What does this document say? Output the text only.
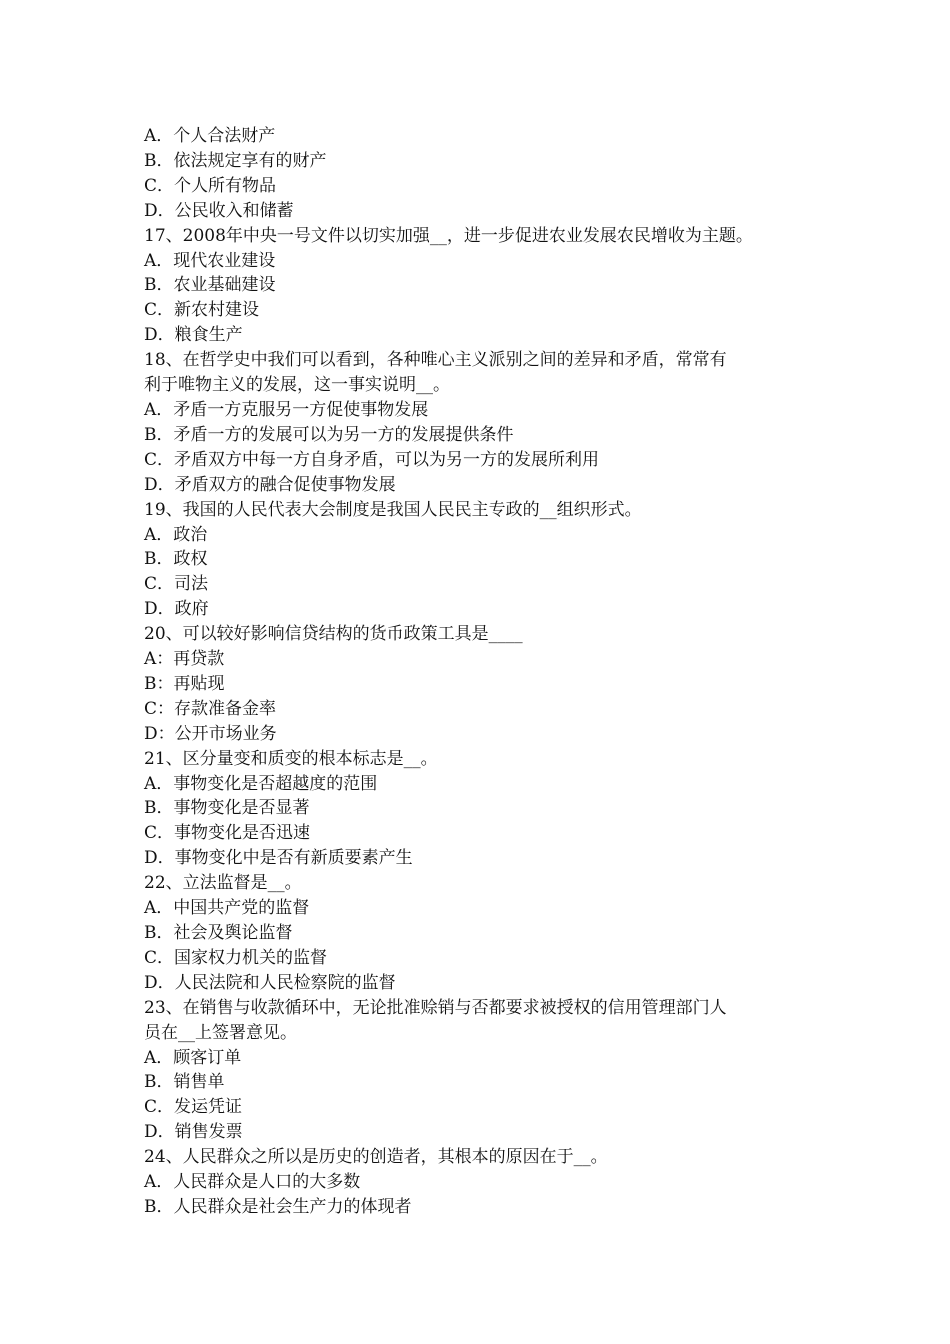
A．个人合法财产

B．依法规定享有的财产

C．个人所有物品

D．公民收入和储蓄

17、2008年中央一号文件以切实加强__，进一步促进农业发展农民增收为主题。

A．现代农业建设

B．农业基础建设

C．新农村建设

D．粮食生产

18、在哲学史中我们可以看到，各种唯心主义派别之间的差异和矛盾，常常有

利于唯物主义的发展，这一事实说明__。

A．矛盾一方克服另一方促使事物发展

B．矛盾一方的发展可以为另一方的发展提供条件

C．矛盾双方中每一方自身矛盾，可以为另一方的发展所利用

D．矛盾双方的融合促使事物发展

19、我国的人民代表大会制度是我国人民民主专政的__组织形式。

A．政治

B．政权

C．司法

D．政府

20、可以较好影响信贷结构的货币政策工具是____

A：再贷款

B：再贴现

C：存款准备金率

D：公开市场业务

21、区分量变和质变的根本标志是__。

A．事物变化是否超越度的范围

B．事物变化是否显著

C．事物变化是否迅速

D．事物变化中是否有新质要素产生

22、立法监督是__。

A．中国共产党的监督

B．社会及舆论监督

C．国家权力机关的监督

D．人民法院和人民检察院的监督

23、在销售与收款循环中，无论批准赊销与否都要求被授权的信用管理部门人

员在__上签署意见。

A．顾客订单

B．销售单

C．发运凭证

D．销售发票

24、人民群众之所以是历史的创造者，其根本的原因在于__。

A．人民群众是人口的大多数

B．人民群众是社会生产力的体现者
